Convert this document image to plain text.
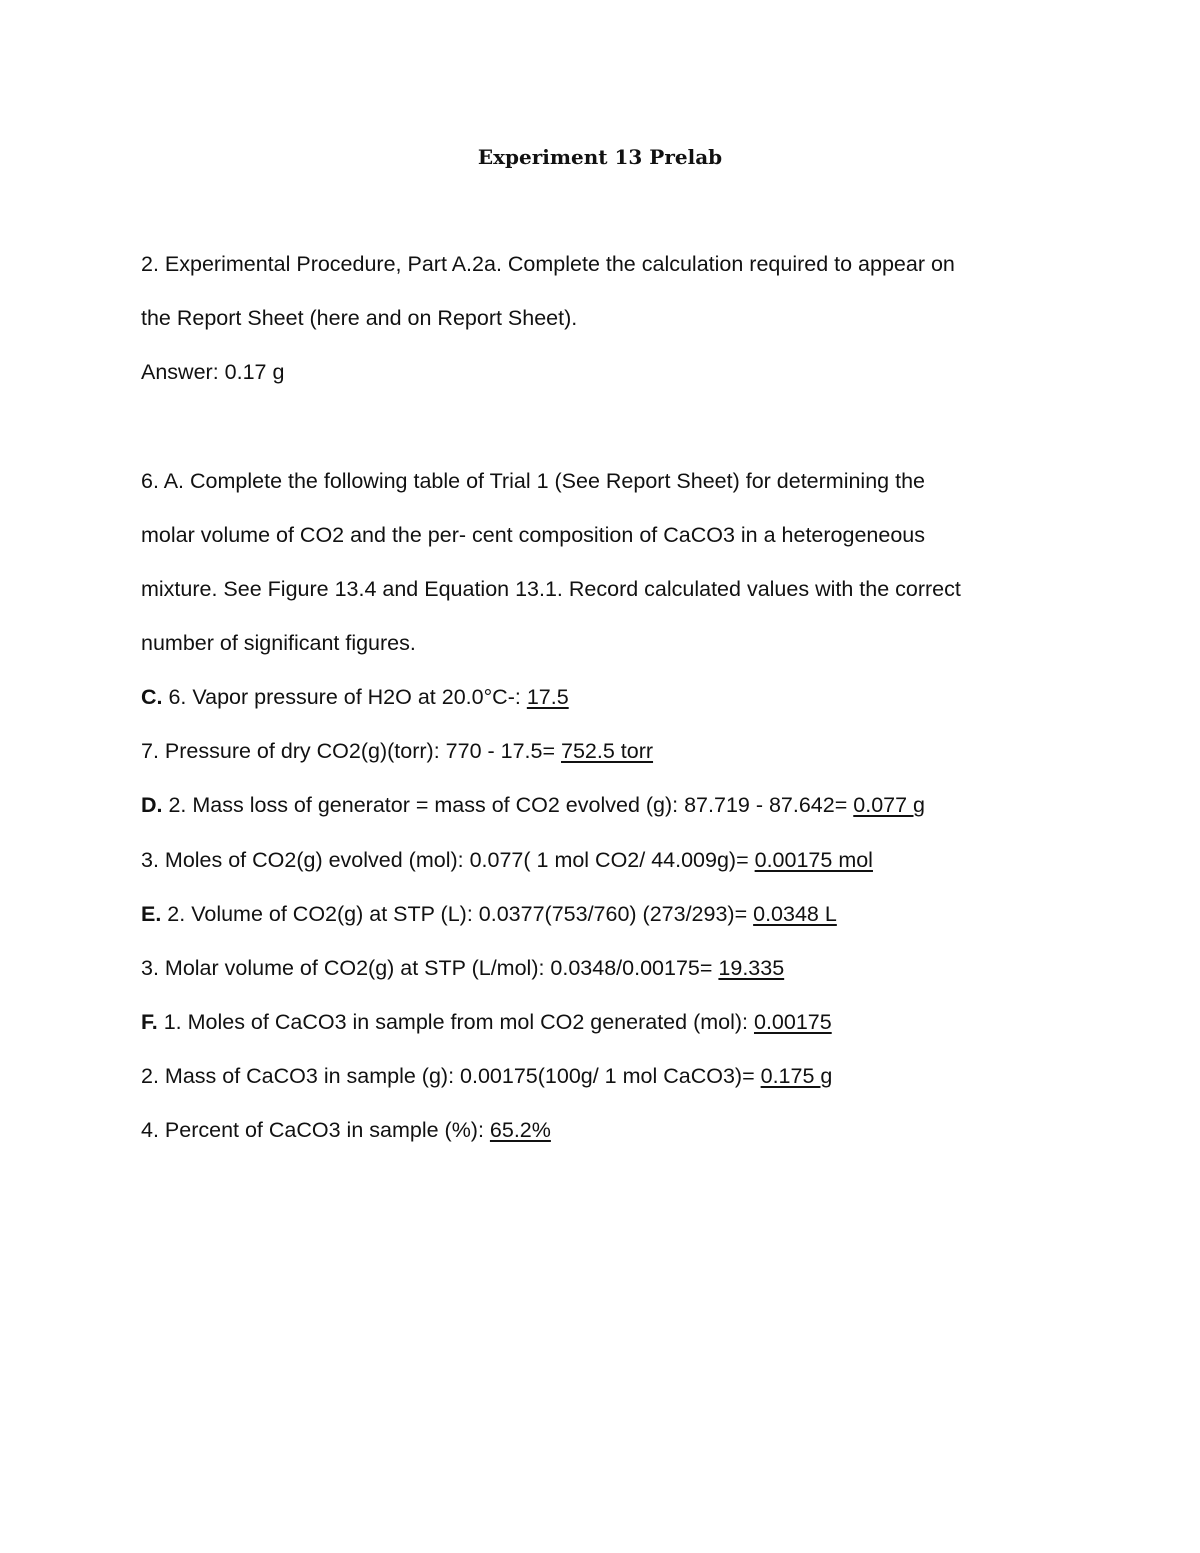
Experiment 13 Prelab
2. Experimental Procedure, Part A.2a. Complete the calculation required to appear on
the Report Sheet (here and on Report Sheet).
Answer: 0.17 g
6. A. Complete the following table of Trial 1 (See Report Sheet) for determining the
molar volume of CO2 and the per- cent composition of CaCO3 in a heterogeneous
mixture. See Figure 13.4 and Equation 13.1. Record calculated values with the correct
number of significant figures.
C. 6. Vapor pressure of H2O at 20.0°C-: 17.5
7. Pressure of dry CO2(g)(torr): 770 - 17.5= 752.5 torr
D. 2. Mass loss of generator = mass of CO2 evolved (g): 87.719 - 87.642= 0.077 g
3. Moles of CO2(g) evolved (mol): 0.077( 1 mol CO2/ 44.009g)= 0.00175 mol
E. 2. Volume of CO2(g) at STP (L): 0.0377(753/760) (273/293)= 0.0348 L
3. Molar volume of CO2(g) at STP (L/mol): 0.0348/0.00175= 19.335
F. 1. Moles of CaCO3 in sample from mol CO2 generated (mol): 0.00175
2. Mass of CaCO3 in sample (g): 0.00175(100g/ 1 mol CaCO3)= 0.175 g
4. Percent of CaCO3 in sample (%): 65.2%
